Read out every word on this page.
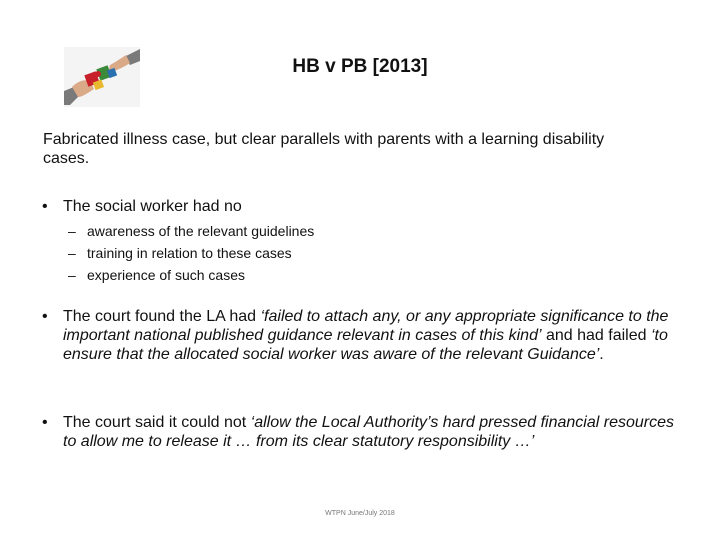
HB v PB [2013]
Fabricated illness case, but clear parallels with parents with a learning disability cases.
• The social worker had no
– awareness of the relevant guidelines
– training in relation to these cases
– experience of such cases
• The court found the LA had ‘failed to attach any, or any appropriate significance to the important national published guidance relevant in cases of this kind’ and had failed ‘to ensure that the allocated social worker was aware of the relevant Guidance’.
• The court said it could not ‘allow the Local Authority’s hard pressed financial resources to allow me to release it … from its clear statutory responsibility …’
WTPN June/July 2018
